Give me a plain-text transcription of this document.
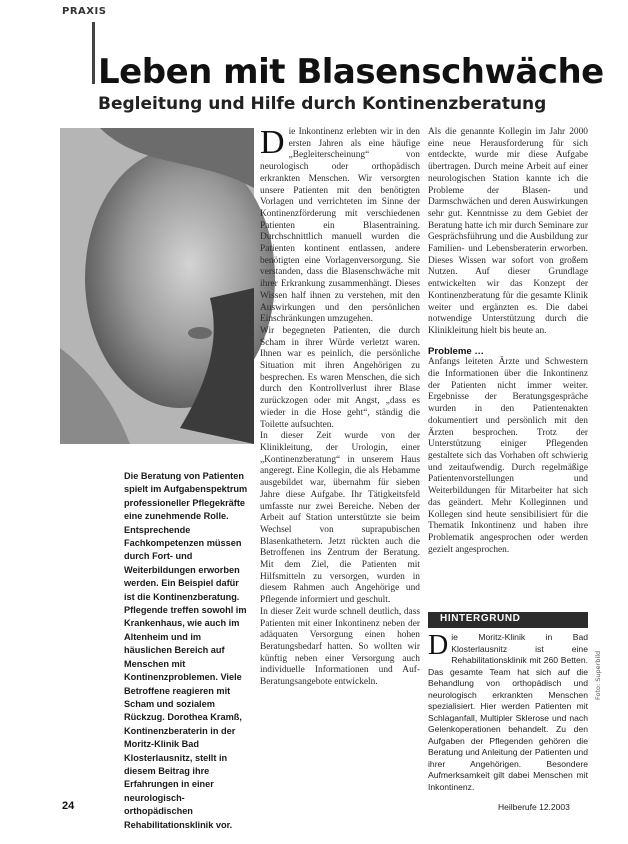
PRAXIS
Leben mit Blasenschwäche
Begleitung und Hilfe durch Kontinenzberatung
Die Beratung von Patienten spielt im Aufgabenspektrum professioneller Pflegekräfte eine zunehmende Rolle. Entsprechende Fachkompetenzen müssen durch Fort- und Weiterbildungen erworben werden. Ein Beispiel dafür ist die Kontinenzberatung. Pflegende treffen sowohl im Krankenhaus, wie auch im Altenheim und im häuslichen Bereich auf Menschen mit Kontinenzproblemen. Viele Betroffene reagieren mit Scham und sozialem Rückzug. Dorothea Kramß, Kontinenzberaterin in der Moritz-Klinik Bad Klosterlausnitz, stellt in diesem Beitrag ihre Erfahrungen in einer neurologisch-orthopädischen Rehabilitationsklinik vor.

Die Inkontinenz erlebten wir in den ersten Jahren als eine häufige „Begleiterscheinung“ von neurologisch oder orthopädisch erkrankten Menschen. Wir versorgten unsere Patienten mit den benötigten Vorlagen und verrichteten im Sinne der Kontinenzförderung mit verschiedenen Patienten ein Blasentraining. Durchschnittlich manuell wurden die Patienten kontinent entlassen, andere benötigten eine Vorlagenversorgung. Sie verstanden, dass die Blasenschwäche mit ihrer Erkrankung zusammenhängt. Dieses Wissen half ihnen zu verstehen, mit den Auswirkungen und den persönlichen Einschränkungen umzugehen.

Wir begegneten Patienten, die durch Scham in ihrer Würde verletzt waren. Ihnen war es peinlich, die persönliche Situation mit ihren Angehörigen zu besprechen. Es waren Menschen, die sich durch den Kontrollverlust ihrer Blase zurückzogen oder mit Angst, „dass es wieder in die Hose geht“, ständig die Toilette aufsuchten.

In dieser Zeit wurde von der Klinikleitung, der Urologin, einer „Kontinenzberatung“ in unserem Haus angeregt. Eine Kollegin, die als Hebamme ausgebildet war, übernahm für sieben Jahre diese Aufgabe. Ihr Tätigkeitsfeld umfasste nur zwei Bereiche. Neben der Arbeit auf Station unterstützte sie beim Wechsel von suprapubischen Blasenkathetern. Jetzt rückten auch die Betroffenen ins Zentrum der Beratung. Mit dem Ziel, die Patienten mit Hilfsmitteln zu versorgen, wurden in diesem Rahmen auch Angehörige und Pflegende informiert und geschult.

In dieser Zeit wurde schnell deutlich, dass Patienten mit einer Inkontinenz neben der adäquaten Versorgung einen hohen Beratungsbedarf hatten. So wollten wir künftig neben einer Versorgung auch individuelle Informationen und Auf-Beratungsangebote entwickeln.

Als die genannte Kollegin im Jahr 2000 eine neue Herausforderung für sich entdeckte, wurde mir diese Aufgabe übertragen. Durch meine Arbeit auf einer neurologischen Station kannte ich die Probleme der Blasen- und Darmschwächen und deren Auswirkungen sehr gut. Kenntnisse zu dem Gebiet der Beratung hatte ich mir durch Seminare zur Gesprächsführung und die Ausbildung zur Familien- und Lebensberaterin erworben. Dieses Wissen war sofort von großem Nutzen. Auf dieser Grundlage entwickelten wir das Konzept der Kontinenzberatung für die gesamte Klinik weiter und ergänzten es. Die dabei notwendige Unterstützung durch die Klinikleitung hielt bis heute an.

Probleme …

Anfangs leiteten Ärzte und Schwestern die Informationen über die Inkontinenz der Patienten nicht immer weiter. Ergebnisse der Beratungsgespräche wurden in den Patientenakten dokumentiert und persönlich mit den Ärzten besprochen. Trotz der Unterstützung einiger Pflegenden gestaltete sich das Vorhaben oft schwierig und zeitaufwendig. Durch regelmäßige Patientenvorstellungen und Weiterbildungen für Mitarbeiter hat sich das geändert. Mehr Kolleginnen und Kollegen sind heute sensibilisiert für die Thematik Inkontinenz und haben ihre Problematik angesprochen oder werden gezielt angesprochen.

HINTERGRUND
Die Moritz-Klinik in Bad Klosterlausnitz ist eine Rehabilitationsklinik mit 260 Betten. Das gesamte Team hat sich auf die Behandlung von orthopädisch und neurologisch erkrankten Menschen spezialisiert. Hier werden Patienten mit Schlaganfall, Multipler Sklerose und nach Gelenkoperationen behandelt. Zu den Aufgaben der Pflegenden gehören die Beratung und Anleitung der Patienten und ihrer Angehörigen. Besondere Aufmerksamkeit gilt dabei Menschen mit Inkontinenz.
Foto: Superbild
24	Heilberufe 12.2003
